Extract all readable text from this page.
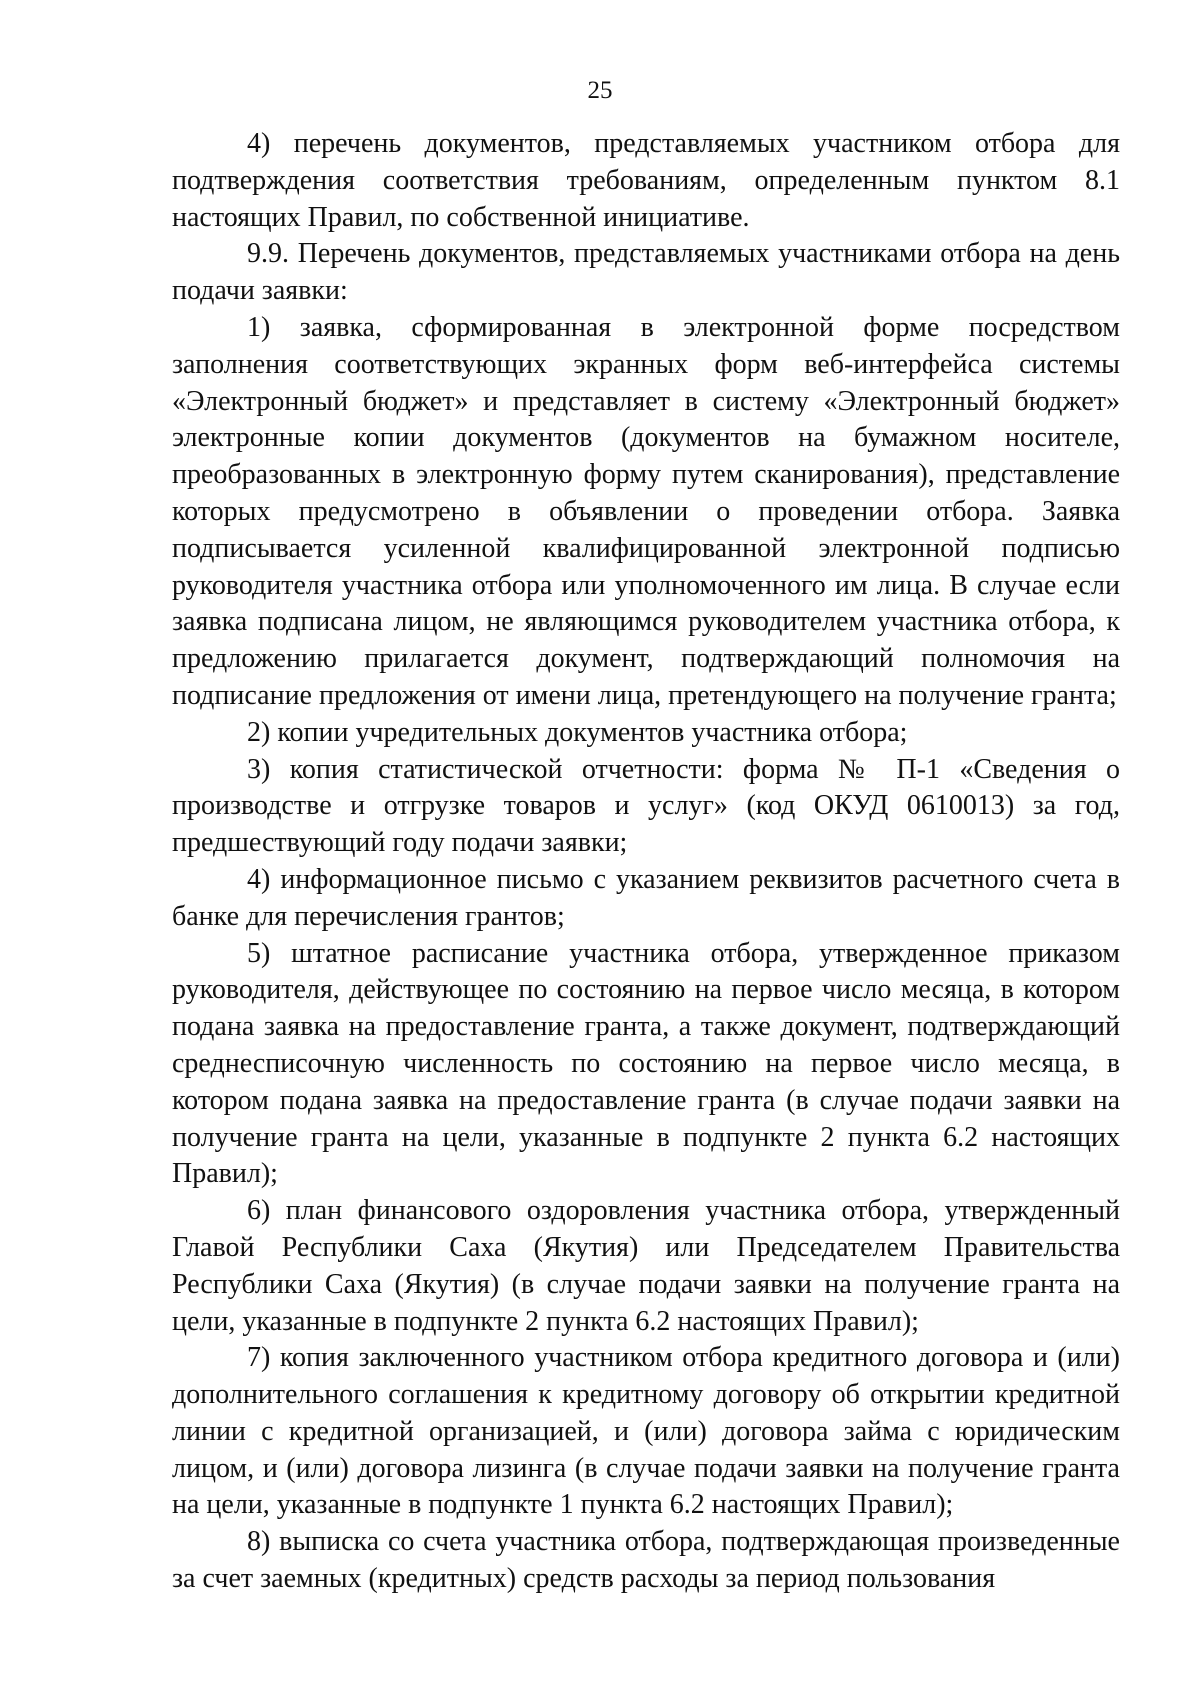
25

4) перечень документов, представляемых участником отбора для подтверждения соответствия требованиям, определенным пунктом 8.1 настоящих Правил, по собственной инициативе.

9.9. Перечень документов, представляемых участниками отбора на день подачи заявки:

1) заявка, сформированная в электронной форме посредством заполнения соответствующих экранных форм веб-интерфейса системы «Электронный бюджет» и представляет в систему «Электронный бюджет» электронные копии документов (документов на бумажном носителе, преобразованных в электронную форму путем сканирования), представление которых предусмотрено в объявлении о проведении отбора. Заявка подписывается усиленной квалифицированной электронной подписью руководителя участника отбора или уполномоченного им лица. В случае если заявка подписана лицом, не являющимся руководителем участника отбора, к предложению прилагается документ, подтверждающий полномочия на подписание предложения от имени лица, претендующего на получение гранта;

2) копии учредительных документов участника отбора;

3) копия статистической отчетности: форма № П-1 «Сведения о производстве и отгрузке товаров и услуг» (код ОКУД 0610013) за год, предшествующий году подачи заявки;

4) информационное письмо с указанием реквизитов расчетного счета в банке для перечисления грантов;

5) штатное расписание участника отбора, утвержденное приказом руководителя, действующее по состоянию на первое число месяца, в котором подана заявка на предоставление гранта, а также документ, подтверждающий среднесписочную численность по состоянию на первое число месяца, в котором подана заявка на предоставление гранта (в случае подачи заявки на получение гранта на цели, указанные в подпункте 2 пункта 6.2 настоящих Правил);

6) план финансового оздоровления участника отбора, утвержденный Главой Республики Саха (Якутия) или Председателем Правительства Республики Саха (Якутия) (в случае подачи заявки на получение гранта на цели, указанные в подпункте 2 пункта 6.2 настоящих Правил);

7) копия заключенного участником отбора кредитного договора и (или) дополнительного соглашения к кредитному договору об открытии кредитной линии с кредитной организацией, и (или) договора займа с юридическим лицом, и (или) договора лизинга (в случае подачи заявки на получение гранта на цели, указанные в подпункте 1 пункта 6.2 настоящих Правил);

8) выписка со счета участника отбора, подтверждающая произведенные за счет заемных (кредитных) средств расходы за период пользования
